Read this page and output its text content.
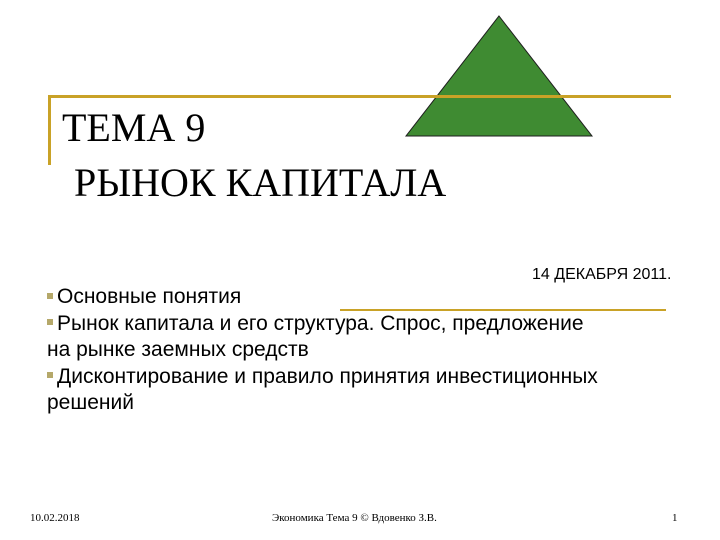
ТЕМА 9
РЫНОК КАПИТАЛА
14 ДЕКАБРЯ 2011.

Основные понятия

Рынок капитала и его структура. Спрос, предложение на рынке заемных средств

Дисконтирование и правило принятия инвестиционных решений

10.02.2018	Экономика Тема 9 © Вдовенко З.В.	1
